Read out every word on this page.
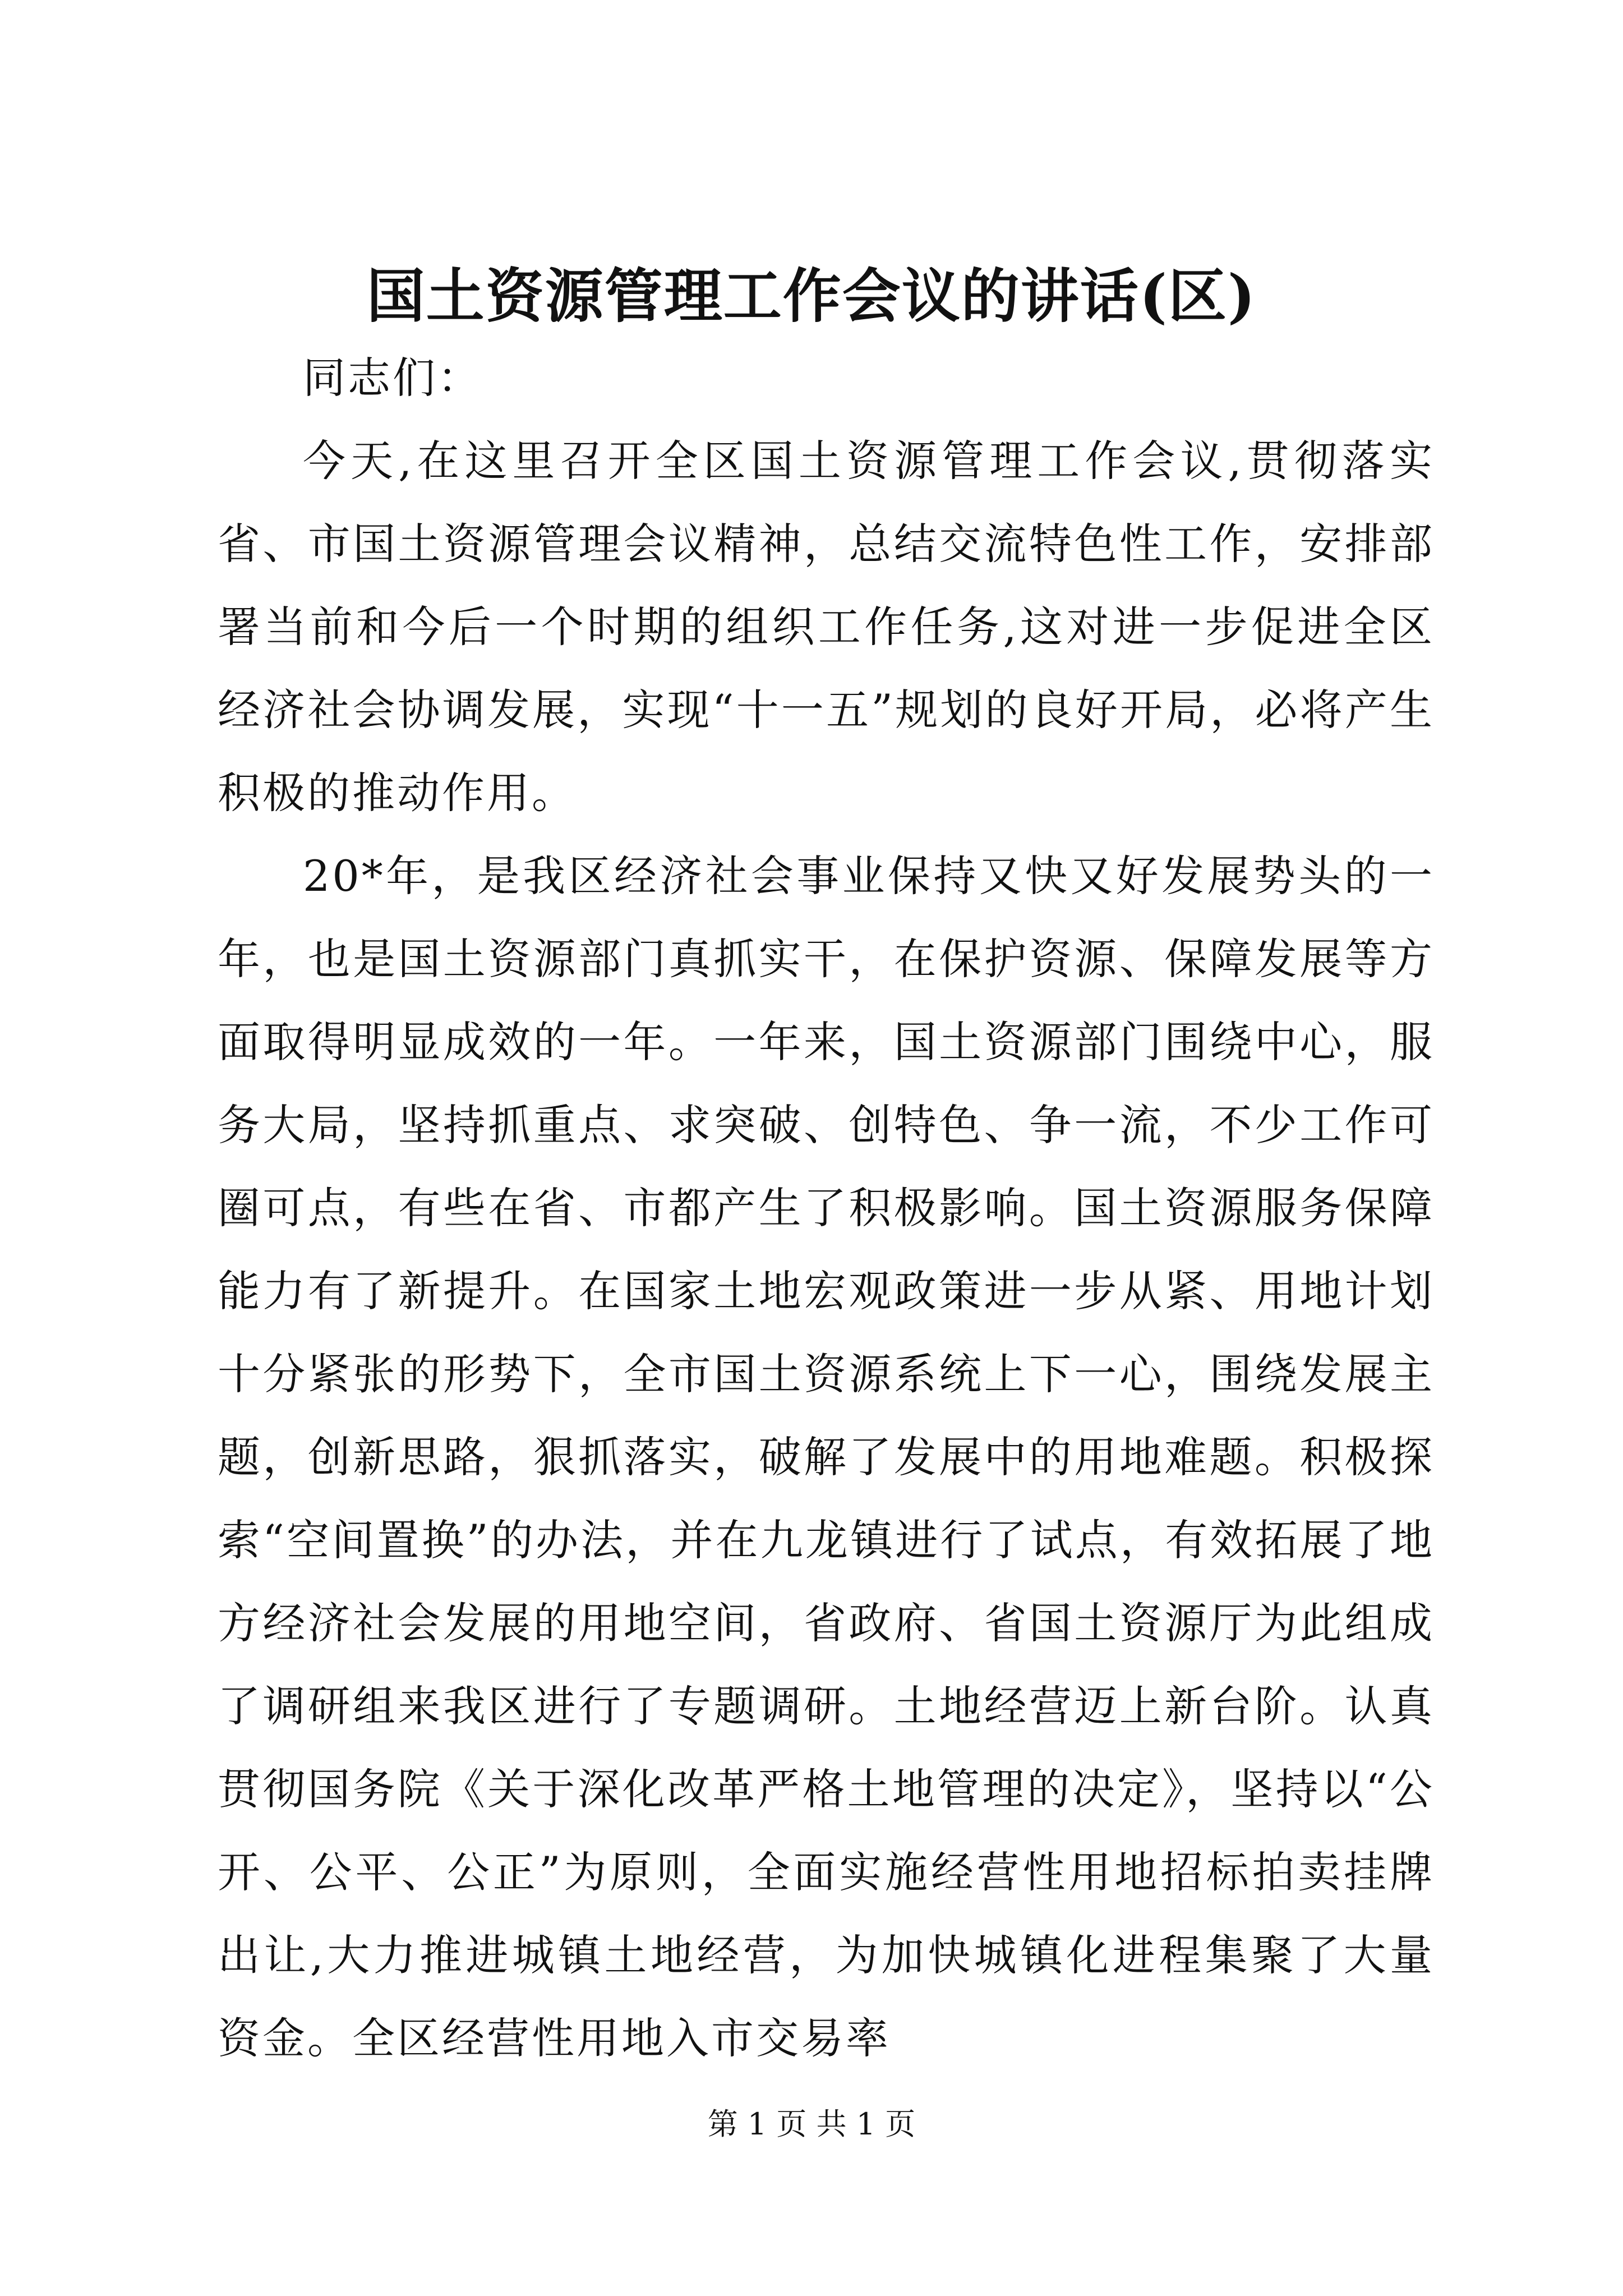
国土资源管理工作会议的讲话(区)

同志们：

今天,在这里召开全区国土资源管理工作会议,贯彻落实省、市国土资源管理会议精神，总结交流特色性工作，安排部署当前和今后一个时期的组织工作任务,这对进一步促进全区经济社会协调发展，实现“十一五”规划的良好开局，必将产生积极的推动作用。

20*年，是我区经济社会事业保持又快又好发展势头的一年，也是国土资源部门真抓实干，在保护资源、保障发展等方面取得明显成效的一年。一年来，国土资源部门围绕中心，服务大局，坚持抓重点、求突破、创特色、争一流，不少工作可圈可点，有些在省、市都产生了积极影响。国土资源服务保障能力有了新提升。在国家土地宏观政策进一步从紧、用地计划十分紧张的形势下，全市国土资源系统上下一心，围绕发展主题，创新思路，狠抓落实，破解了发展中的用地难题。积极探索“空间置换”的办法，并在九龙镇进行了试点，有效拓展了地方经济社会发展的用地空间，省政府、省国土资源厅为此组成了调研组来我区进行了专题调研。土地经营迈上新台阶。认真贯彻国务院《关于深化改革严格土地管理的决定》，坚持以“公开、公平、公正”为原则，全面实施经营性用地招标拍卖挂牌出让,大力推进城镇土地经营，为加快城镇化进程集聚了大量资金。全区经营性用地入市交易率

第 1 页 共 1 页
